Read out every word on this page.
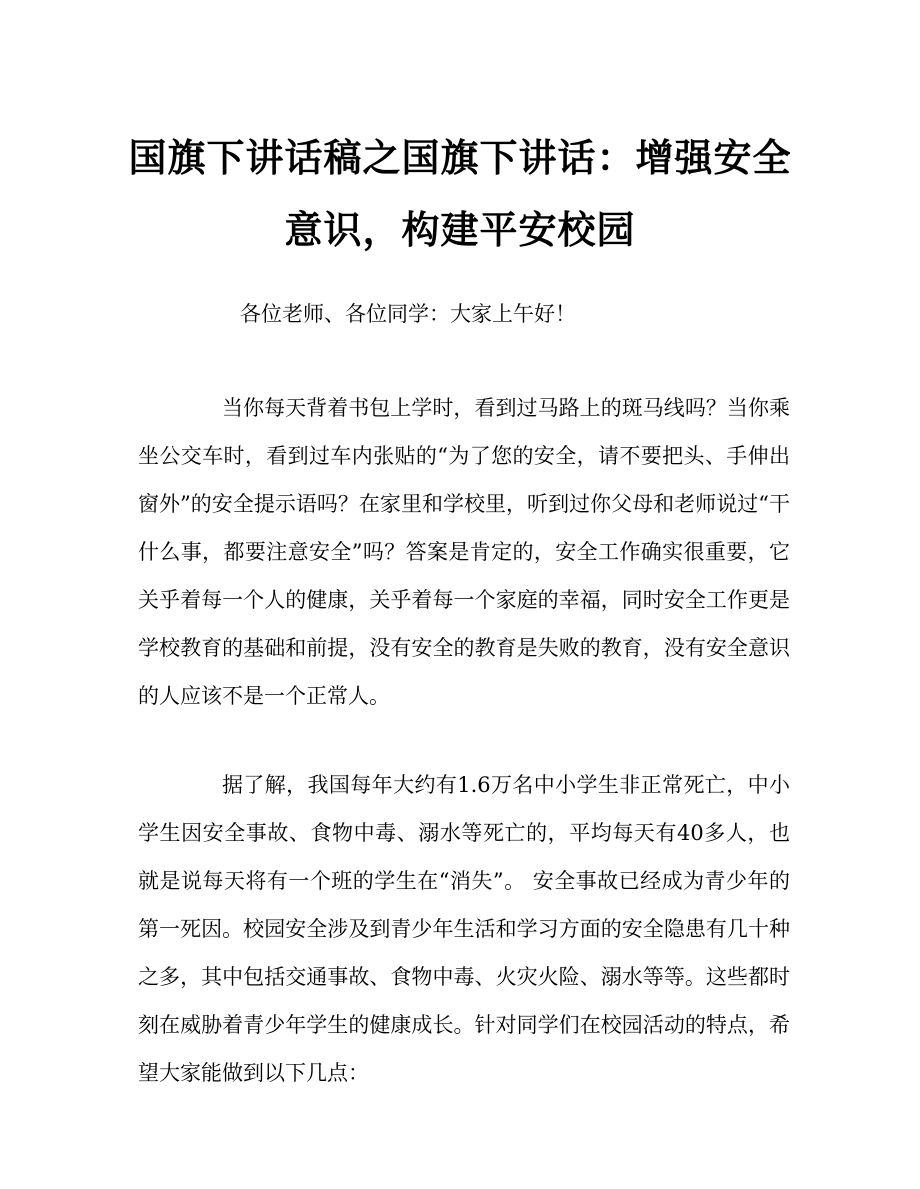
国旗下讲话稿之国旗下讲话：增强安全意识，构建平安校园

各位老师、各位同学：大家上午好！

当你每天背着书包上学时，看到过马路上的斑马线吗？当你乘坐公交车时，看到过车内张贴的“为了您的安全，请不要把头、手伸出窗外”的安全提示语吗？在家里和学校里，听到过你父母和老师说过“干什么事，都要注意安全”吗？答案是肯定的，安全工作确实很重要，它关乎着每一个人的健康，关乎着每一个家庭的幸福，同时安全工作更是学校教育的基础和前提，没有安全的教育是失败的教育，没有安全意识的人应该不是一个正常人。

据了解，我国每年大约有1.6万名中小学生非正常死亡，中小学生因安全事故、食物中毒、溺水等死亡的，平均每天有40多人，也就是说每天将有一个班的学生在“消失”。 安全事故已经成为青少年的第一死因。校园安全涉及到青少年生活和学习方面的安全隐患有几十种之多，其中包括交通事故、食物中毒、火灾火险、溺水等等。这些都时刻在威胁着青少年学生的健康成长。针对同学们在校园活动的特点，希望大家能做到以下几点：
